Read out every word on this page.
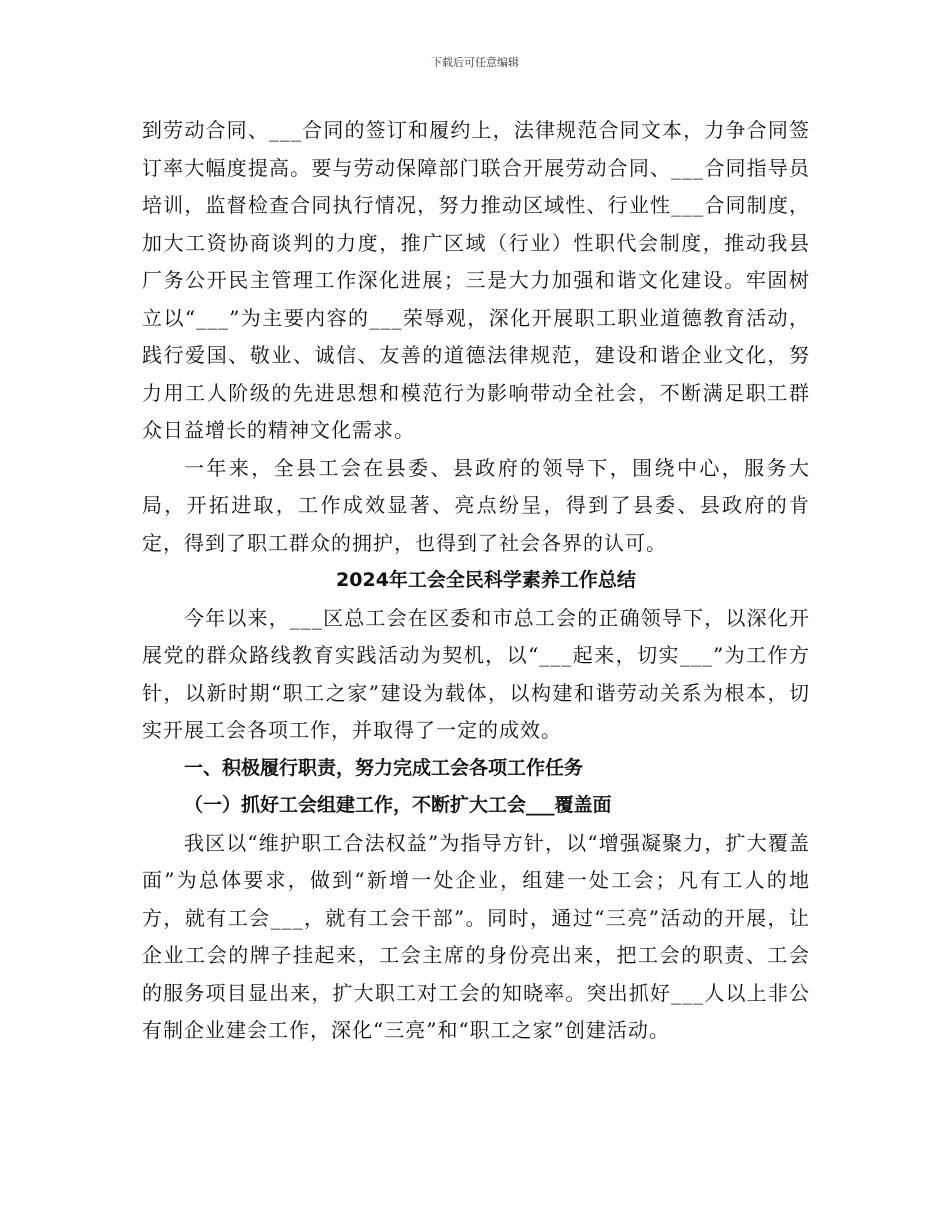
下载后可任意编辑

到劳动合同、___合同的签订和履约上，法律规范合同文本，力争合同签订率大幅度提高。要与劳动保障部门联合开展劳动合同、___合同指导员培训，监督检查合同执行情况，努力推动区域性、行业性___合同制度，加大工资协商谈判的力度，推广区域（行业）性职代会制度，推动我县厂务公开民主管理工作深化进展；三是大力加强和谐文化建设。牢固树立以“___”为主要内容的___荣辱观，深化开展职工职业道德教育活动，践行爱国、敬业、诚信、友善的道德法律规范，建设和谐企业文化，努力用工人阶级的先进思想和模范行为影响带动全社会，不断满足职工群众日益增长的精神文化需求。

一年来，全县工会在县委、县政府的领导下，围绕中心，服务大局，开拓进取，工作成效显著、亮点纷呈，得到了县委、县政府的肯定，得到了职工群众的拥护，也得到了社会各界的认可。

2024年工会全民科学素养工作总结

今年以来，___区总工会在区委和市总工会的正确领导下，以深化开展党的群众路线教育实践活动为契机，以“___起来，切实___”为工作方针，以新时期“职工之家”建设为载体，以构建和谐劳动关系为根本，切实开展工会各项工作，并取得了一定的成效。

一、积极履行职责，努力完成工会各项工作任务

（一）抓好工会组建工作，不断扩大工会___覆盖面

我区以“维护职工合法权益”为指导方针，以“增强凝聚力，扩大覆盖面”为总体要求，做到“新增一处企业，组建一处工会；凡有工人的地方，就有工会___，就有工会干部”。同时，通过“三亮”活动的开展，让企业工会的牌子挂起来，工会主席的身份亮出来，把工会的职责、工会的服务项目显出来，扩大职工对工会的知晓率。突出抓好___人以上非公有制企业建会工作，深化“三亮”和“职工之家”创建活动。
